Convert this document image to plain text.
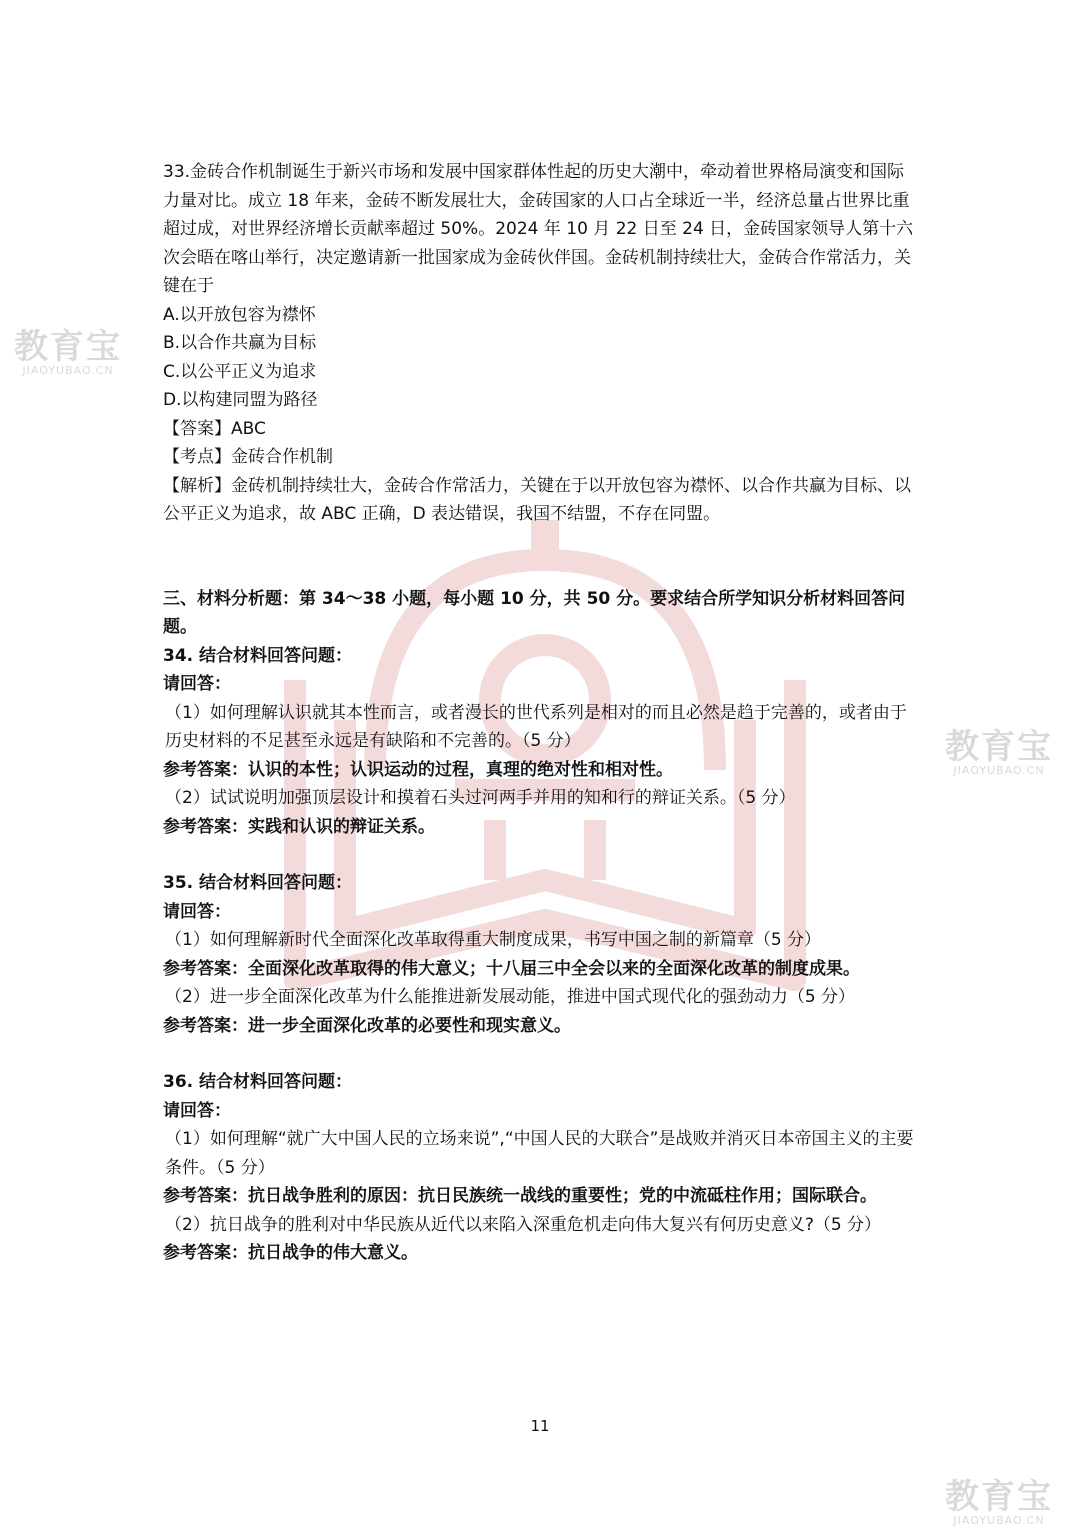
教育宝
JIAOYUBAO.CN
教育宝
JIAOYUBAO.CN
教育宝
JIAOYUBAO.CN

33.金砖合作机制诞生于新兴市场和发展中国家群体性起的历史大潮中，牵动着世界格局演变和国际力量对比。成立 18 年来，金砖不断发展壮大，金砖国家的人口占全球近一半，经济总量占世界比重超过成，对世界经济增长贡献率超过 50%。2024 年 10 月 22 日至 24 日，金砖国家领导人第十六次会晤在喀山举行，决定邀请新一批国家成为金砖伙伴国。金砖机制持续壮大，金砖合作常活力，关键在于

A.以开放包容为襟怀

B.以合作共赢为目标

C.以公平正义为追求

D.以构建同盟为路径

【答案】ABC

【考点】金砖合作机制

【解析】金砖机制持续壮大，金砖合作常活力，关键在于以开放包容为襟怀、以合作共赢为目标、以公平正义为追求，故 ABC 正确，D 表达错误，我国不结盟，不存在同盟。

三、材料分析题：第 34～38 小题，每小题 10 分，共 50 分。要求结合所学知识分析材料回答问题。

34. 结合材料回答问题：

请回答：

（1）如何理解认识就其本性而言，或者漫长的世代系列是相对的而且必然是趋于完善的，或者由于历史材料的不足甚至永远是有缺陷和不完善的。（5 分）

参考答案：认识的本性；认识运动的过程，真理的绝对性和相对性。

（2）试试说明加强顶层设计和摸着石头过河两手并用的知和行的辩证关系。（5 分）

参考答案：实践和认识的辩证关系。

35. 结合材料回答问题：

请回答：

（1）如何理解新时代全面深化改革取得重大制度成果，书写中国之制的新篇章（5 分）

参考答案：全面深化改革取得的伟大意义；十八届三中全会以来的全面深化改革的制度成果。

（2）进一步全面深化改革为什么能推进新发展动能，推进中国式现代化的强劲动力（5 分）

参考答案：进一步全面深化改革的必要性和现实意义。

36. 结合材料回答问题：

请回答：

（1）如何理解“就广大中国人民的立场来说”,“中国人民的大联合”是战败并消灭日本帝国主义的主要条件。（5 分）

参考答案：抗日战争胜利的原因：抗日民族统一战线的重要性；党的中流砥柱作用；国际联合。

（2）抗日战争的胜利对中华民族从近代以来陷入深重危机走向伟大复兴有何历史意义?（5 分）

参考答案：抗日战争的伟大意义。

11
